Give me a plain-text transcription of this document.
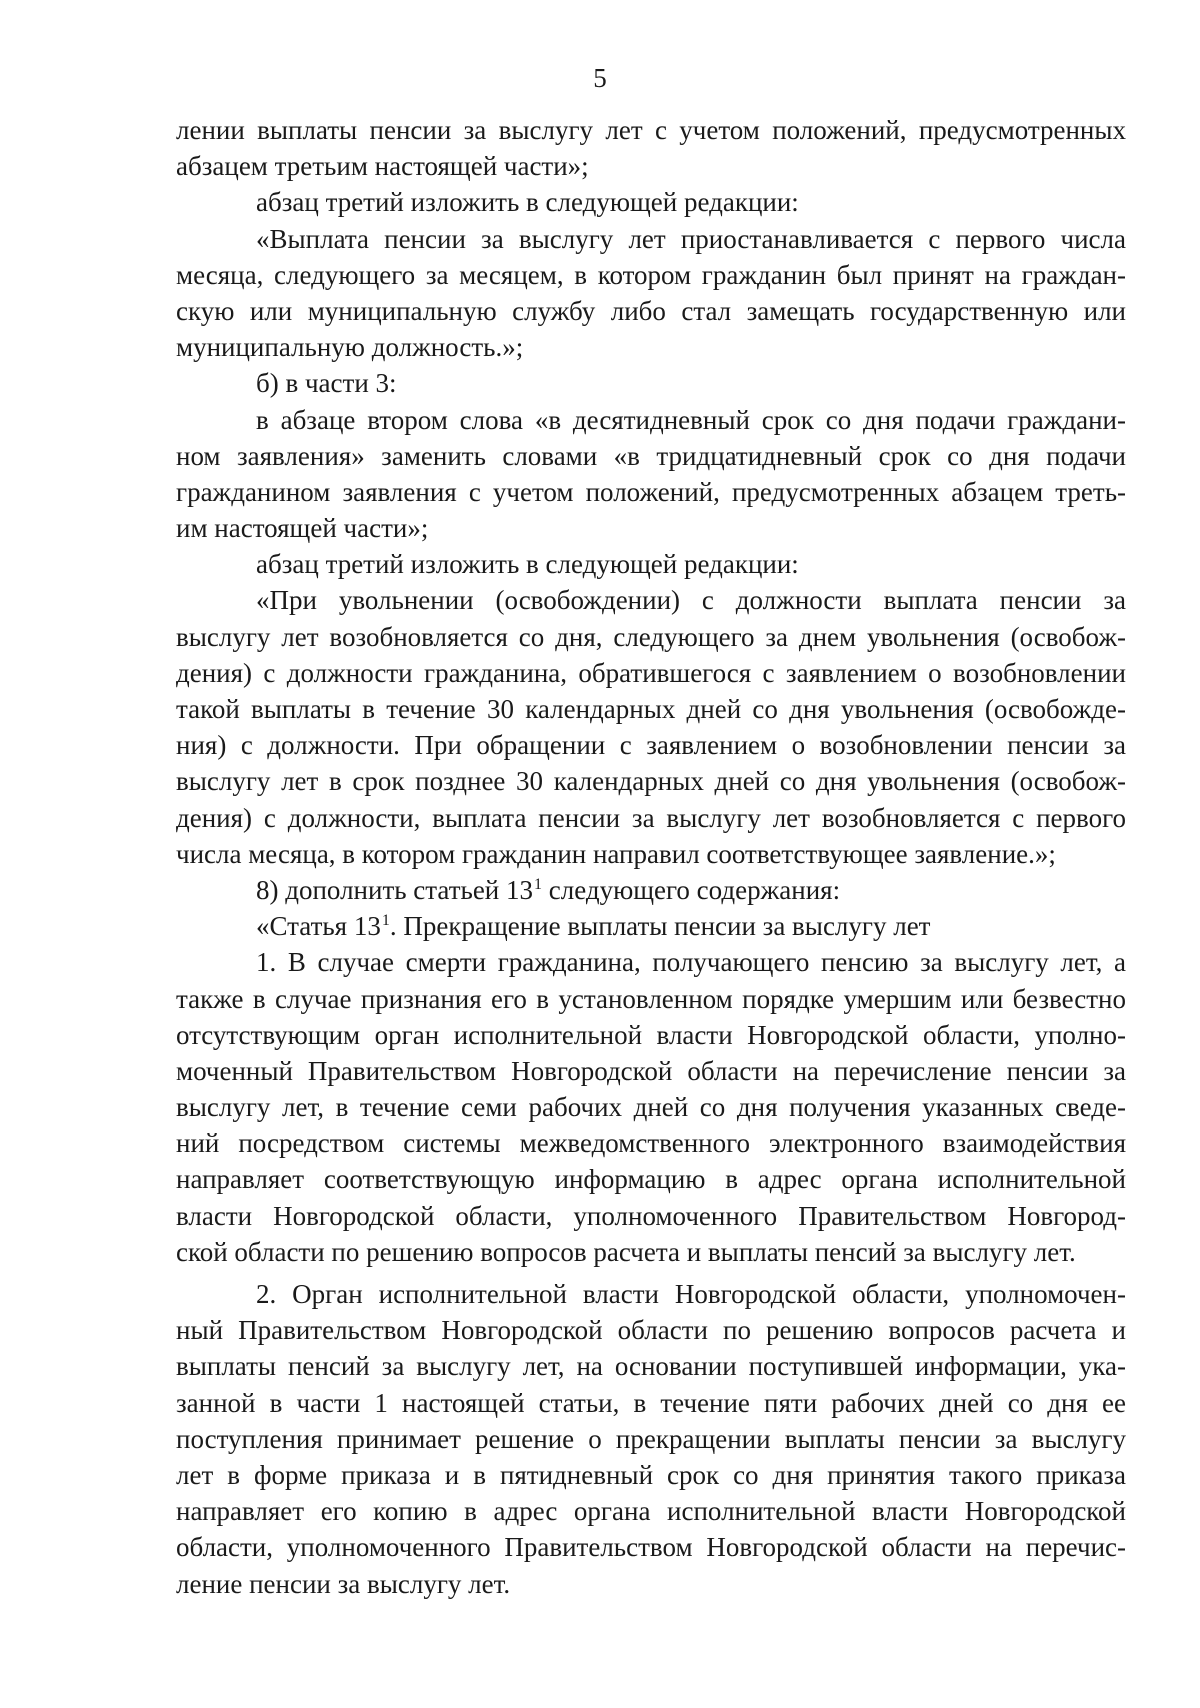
5
лении выплаты пенсии за выслугу лет с учетом положений, предусмотренных
абзацем третьим настоящей части»;
абзац третий изложить в следующей редакции:
«Выплата пенсии за выслугу лет приостанавливается с первого числа
месяца, следующего за месяцем, в котором гражданин был принят на граждан-
скую или муниципальную службу либо стал замещать государственную или
муниципальную должность.»;
б) в части 3:
в абзаце втором слова «в десятидневный срок со дня подачи граждани-
ном заявления» заменить словами «в тридцатидневный срок со дня подачи
гражданином заявления с учетом положений, предусмотренных абзацем треть-
им настоящей части»;
абзац третий изложить в следующей редакции:
«При увольнении (освобождении) с должности выплата пенсии за
выслугу лет возобновляется со дня, следующего за днем увольнения (освобож-
дения) с должности гражданина, обратившегося с заявлением о возобновлении
такой выплаты в течение 30 календарных дней со дня увольнения (освобожде-
ния) с должности. При обращении с заявлением о возобновлении пенсии за
выслугу лет в срок позднее 30 календарных дней со дня увольнения (освобож-
дения) с должности, выплата пенсии за выслугу лет возобновляется с первого
числа месяца, в котором гражданин направил соответствующее заявление.»;
8) дополнить статьей $13^1$ следующего содержания:
«Статья $13^1$. Прекращение выплаты пенсии за выслугу лет
1. В случае смерти гражданина, получающего пенсию за выслугу лет, а
также в случае признания его в установленном порядке умершим или безвестно
отсутствующим орган исполнительной власти Новгородской области, уполно-
моченный Правительством Новгородской области на перечисление пенсии за
выслугу лет, в течение семи рабочих дней со дня получения указанных сведе-
ний посредством системы межведомственного электронного взаимодействия
направляет соответствующую информацию в адрес органа исполнительной
власти Новгородской области, уполномоченного Правительством Новгород-
ской области по решению вопросов расчета и выплаты пенсий за выслугу лет.
2. Орган исполнительной власти Новгородской области, уполномочен-
ный Правительством Новгородской области по решению вопросов расчета и
выплаты пенсий за выслугу лет, на основании поступившей информации, ука-
занной в части 1 настоящей статьи, в течение пяти рабочих дней со дня ее
поступления принимает решение о прекращении выплаты пенсии за выслугу
лет в форме приказа и в пятидневный срок со дня принятия такого приказа
направляет его копию в адрес органа исполнительной власти Новгородской
области, уполномоченного Правительством Новгородской области на перечис-
ление пенсии за выслугу лет.
